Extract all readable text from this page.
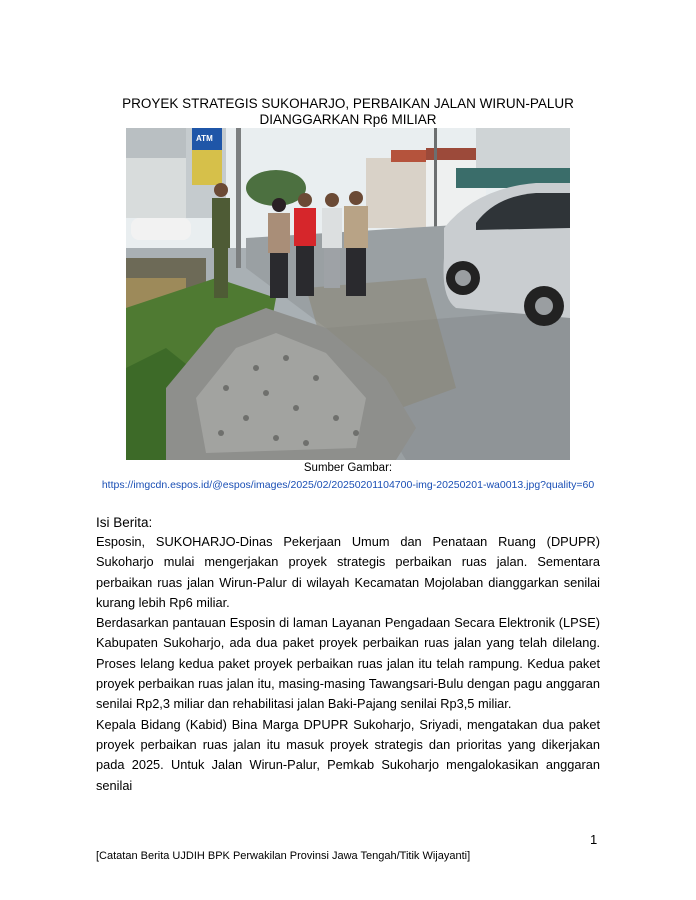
PROYEK STRATEGIS SUKOHARJO, PERBAIKAN JALAN WIRUN-PALUR
DIANGGARKAN Rp6 MILIAR
ATM
Sumber Gambar:
https://imgcdn.espos.id/@espos/images/2025/02/20250201104700-img-20250201-wa0013.jpg?quality=60
Isi Berita:

Esposin, SUKOHARJO-Dinas Pekerjaan Umum dan Penataan Ruang (DPUPR) Sukoharjo mulai mengerjakan proyek strategis perbaikan ruas jalan. Sementara perbaikan ruas jalan Wirun-Palur di wilayah Kecamatan Mojolaban dianggarkan senilai kurang lebih Rp6 miliar.

Berdasarkan pantauan Esposin di laman Layanan Pengadaan Secara Elektronik (LPSE) Kabupaten Sukoharjo, ada dua paket proyek perbaikan ruas jalan yang telah dilelang. Proses lelang kedua paket proyek perbaikan ruas jalan itu telah rampung. Kedua paket proyek perbaikan ruas jalan itu, masing-masing Tawangsari-Bulu dengan pagu anggaran senilai Rp2,3 miliar dan rehabilitasi jalan Baki-Pajang senilai Rp3,5 miliar.

Kepala Bidang (Kabid) Bina Marga DPUPR Sukoharjo, Sriyadi, mengatakan dua paket proyek perbaikan ruas jalan itu masuk proyek strategis dan prioritas yang dikerjakan pada 2025. Untuk Jalan Wirun-Palur, Pemkab Sukoharjo mengalokasikan anggaran senilai

1
[Catatan Berita UJDIH BPK Perwakilan Provinsi Jawa Tengah/Titik Wijayanti]
